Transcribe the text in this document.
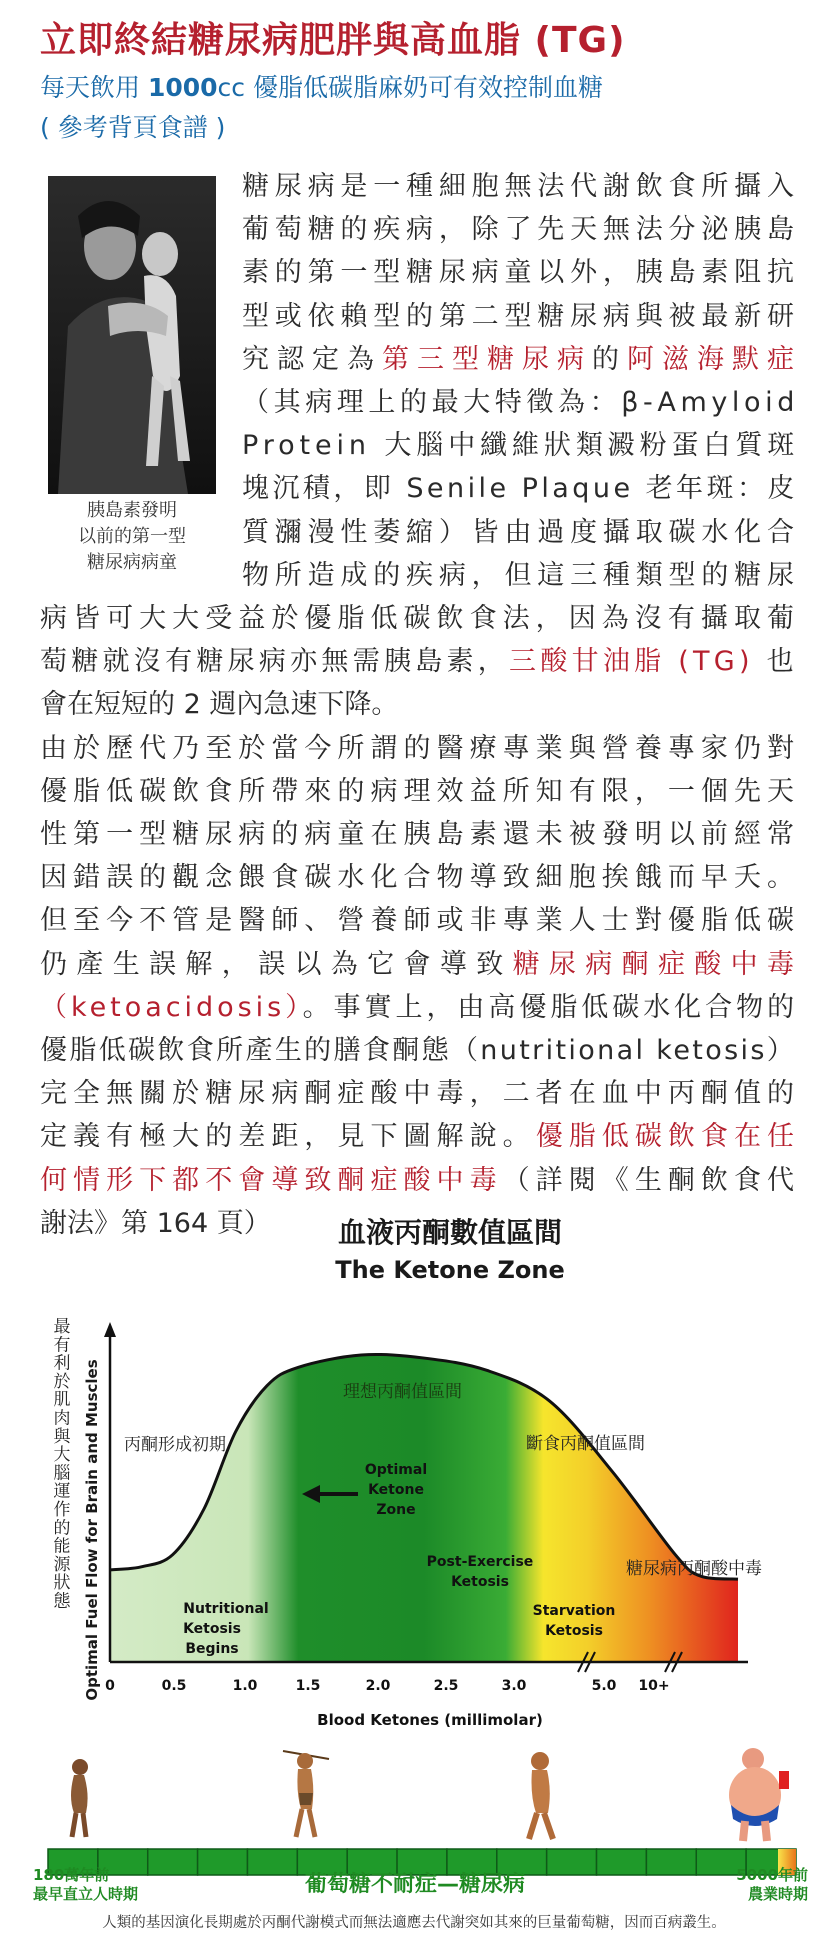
立即終結糖尿病肥胖與高血脂 (TG)
每天飲用 1000cc 優脂低碳脂麻奶可有效控制血糖
( 參考背頁食譜 )
胰島素發明
以前的第一型
糖尿病病童
糖尿病是一種細胞無法代謝飲食所攝入
葡萄糖的疾病，除了先天無法分泌胰島
素的第一型糖尿病童以外，胰島素阻抗
型或依賴型的第二型糖尿病與被最新研
究認定為第三型糖尿病的阿滋海默症
（其病理上的最大特徵為：β-Amyloid
Protein 大腦中纖維狀類澱粉蛋白質斑
塊沉積，即 Senile Plaque 老年斑：皮
質瀰漫性萎縮）皆由過度攝取碳水化合
物所造成的疾病，但這三種類型的糖尿
病皆可大大受益於優脂低碳飲食法，因為沒有攝取葡
萄糖就沒有糖尿病亦無需胰島素，三酸甘油脂 (TG) 也
會在短短的 2 週內急速下降。
由於歷代乃至於當今所謂的醫療專業與營養專家仍對
優脂低碳飲食所帶來的病理效益所知有限，一個先天
性第一型糖尿病的病童在胰島素還未被發明以前經常
因錯誤的觀念餵食碳水化合物導致細胞挨餓而早夭。
但至今不管是醫師、營養師或非專業人士對優脂低碳
仍產生誤解，誤以為它會導致糖尿病酮症酸中毒
（ketoacidosis）。事實上，由高優脂低碳水化合物的
優脂低碳飲食所產生的膳食酮態（nutritional ketosis）
完全無關於糖尿病酮症酸中毒，二者在血中丙酮值的
定義有極大的差距，見下圖解說。優脂低碳飲食在任
何情形下都不會導致酮症酸中毒（詳閱《生酮飲食代
謝法》第 164 頁） 血液丙酮數值區間
The Ketone Zone
最
有
利
於
肌
肉
與
大
腦
運
作
的
能
源
狀
態 Optimal Fuel Flow for Brain and Muscles 0	0.5	1.0	1.5	2.0	2.5	3.0	5.0 10+
Blood Ketones (millimolar)
丙酮形成初期
理想丙酮值區間
斷食丙酮值區間
糖尿病丙酮酸中毒
Nutritional
Ketosis
Begins
Optimal
Ketone
Zone
Post-Exercise
Ketosis
Starvation
Ketosis
180萬年前
最早直立人時期
5000年前
農業時期
葡萄糖不耐症—糖尿病
人類的基因演化長期處於丙酮代謝模式而無法適應去代謝突如其來的巨量葡萄糖，因而百病叢生。
